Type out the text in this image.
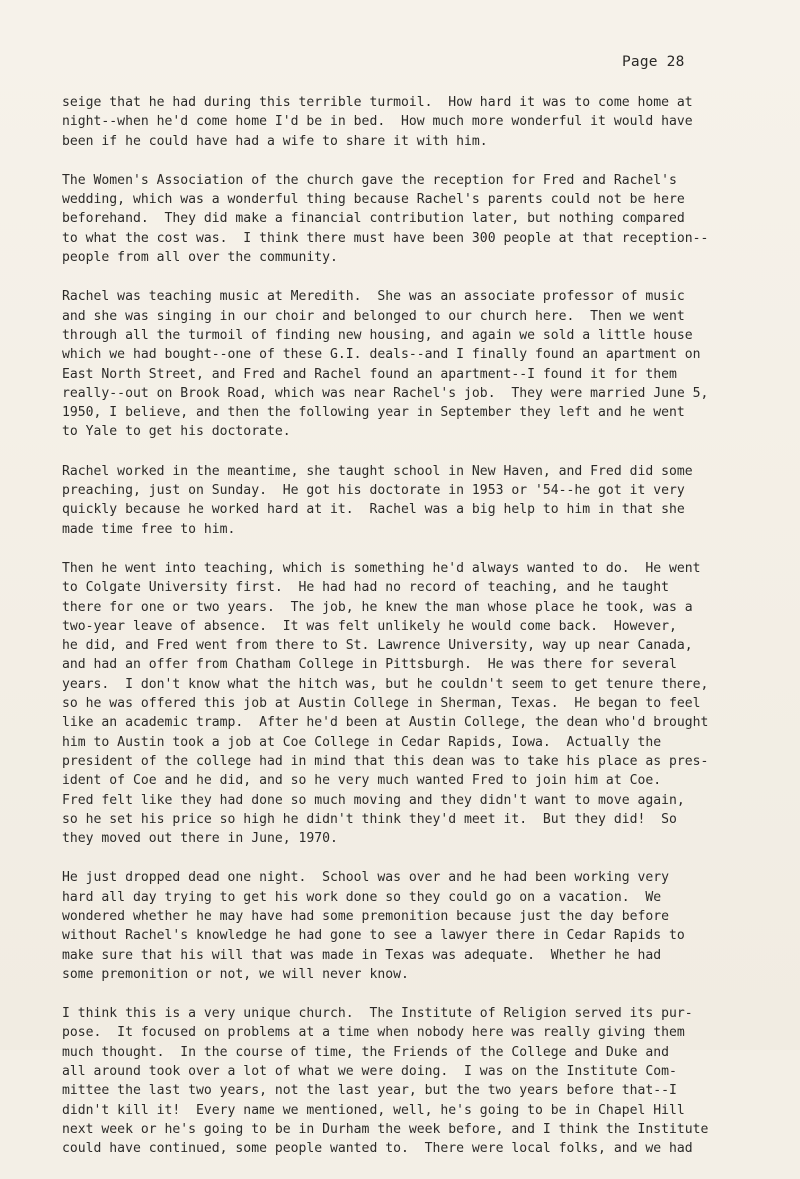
Page 28
seige that he had during this terrible turmoil.  How hard it was to come home at
night--when he'd come home I'd be in bed.  How much more wonderful it would have
been if he could have had a wife to share it with him.
The Women's Association of the church gave the reception for Fred and Rachel's
wedding, which was a wonderful thing because Rachel's parents could not be here
beforehand.  They did make a financial contribution later, but nothing compared
to what the cost was.  I think there must have been 300 people at that reception--
people from all over the community.
Rachel was teaching music at Meredith.  She was an associate professor of music
and she was singing in our choir and belonged to our church here.  Then we went
through all the turmoil of finding new housing, and again we sold a little house
which we had bought--one of these G.I. deals--and I finally found an apartment on
East North Street, and Fred and Rachel found an apartment--I found it for them
really--out on Brook Road, which was near Rachel's job.  They were married June 5,
1950, I believe, and then the following year in September they left and he went
to Yale to get his doctorate.
Rachel worked in the meantime, she taught school in New Haven, and Fred did some
preaching, just on Sunday.  He got his doctorate in 1953 or '54--he got it very
quickly because he worked hard at it.  Rachel was a big help to him in that she
made time free to him.
Then he went into teaching, which is something he'd always wanted to do.  He went
to Colgate University first.  He had had no record of teaching, and he taught
there for one or two years.  The job, he knew the man whose place he took, was a
two-year leave of absence.  It was felt unlikely he would come back.  However,
he did, and Fred went from there to St. Lawrence University, way up near Canada,
and had an offer from Chatham College in Pittsburgh.  He was there for several
years.  I don't know what the hitch was, but he couldn't seem to get tenure there,
so he was offered this job at Austin College in Sherman, Texas.  He began to feel
like an academic tramp.  After he'd been at Austin College, the dean who'd brought
him to Austin took a job at Coe College in Cedar Rapids, Iowa.  Actually the
president of the college had in mind that this dean was to take his place as pres-
ident of Coe and he did, and so he very much wanted Fred to join him at Coe.
Fred felt like they had done so much moving and they didn't want to move again,
so he set his price so high he didn't think they'd meet it.  But they did!  So
they moved out there in June, 1970.
He just dropped dead one night.  School was over and he had been working very
hard all day trying to get his work done so they could go on a vacation.  We
wondered whether he may have had some premonition because just the day before
without Rachel's knowledge he had gone to see a lawyer there in Cedar Rapids to
make sure that his will that was made in Texas was adequate.  Whether he had
some premonition or not, we will never know.
I think this is a very unique church.  The Institute of Religion served its pur-
pose.  It focused on problems at a time when nobody here was really giving them
much thought.  In the course of time, the Friends of the College and Duke and
all around took over a lot of what we were doing.  I was on the Institute Com-
mittee the last two years, not the last year, but the two years before that--I
didn't kill it!  Every name we mentioned, well, he's going to be in Chapel Hill
next week or he's going to be in Durham the week before, and I think the Institute
could have continued, some people wanted to.  There were local folks, and we had
